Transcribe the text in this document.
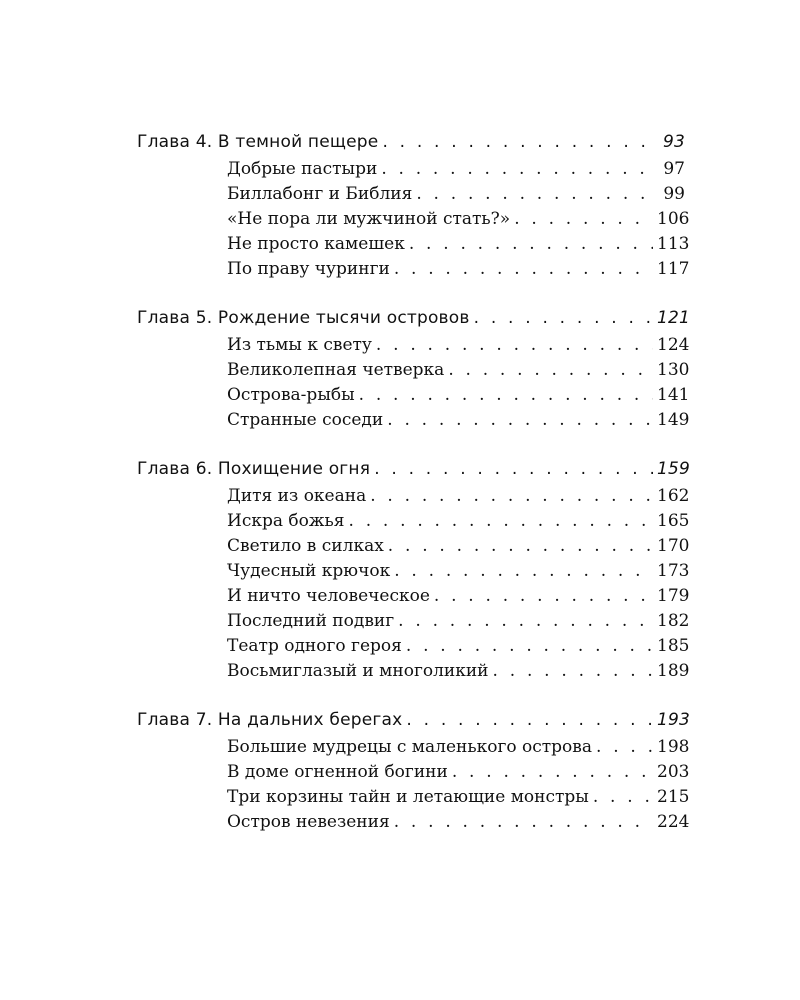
Глава 4. В темной пещере . . .	93
Добрые пастыри . . .	97
Биллабонг и Библия . . .	99
«Не пора ли мужчиной стать?» . . .	106
Не просто камешек . . .	113
По праву чуринги . . .	117
Глава 5. Рождение тысячи островов . . .	121
Из тьмы к свету . . .	124
Великолепная четверка . . .	130
Острова-рыбы . . .	141
Странные соседи . . .	149
Глава 6. Похищение огня . . .	159
Дитя из океана . . .	162
Искра божья . . .	165
Светило в силках . . .	170
Чудесный крючок . . .	173
И ничто человеческое . . .	179
Последний подвиг . . .	182
Театр одного героя . . .	185
Восьмиглазый и многоликий . . .	189
Глава 7. На дальних берегах . . .	193
Большие мудрецы с маленького острова . . .	198
В доме огненной богини . . .	203
Три корзины тайн и летающие монстры . . .	215
Остров невезения . . .	224
